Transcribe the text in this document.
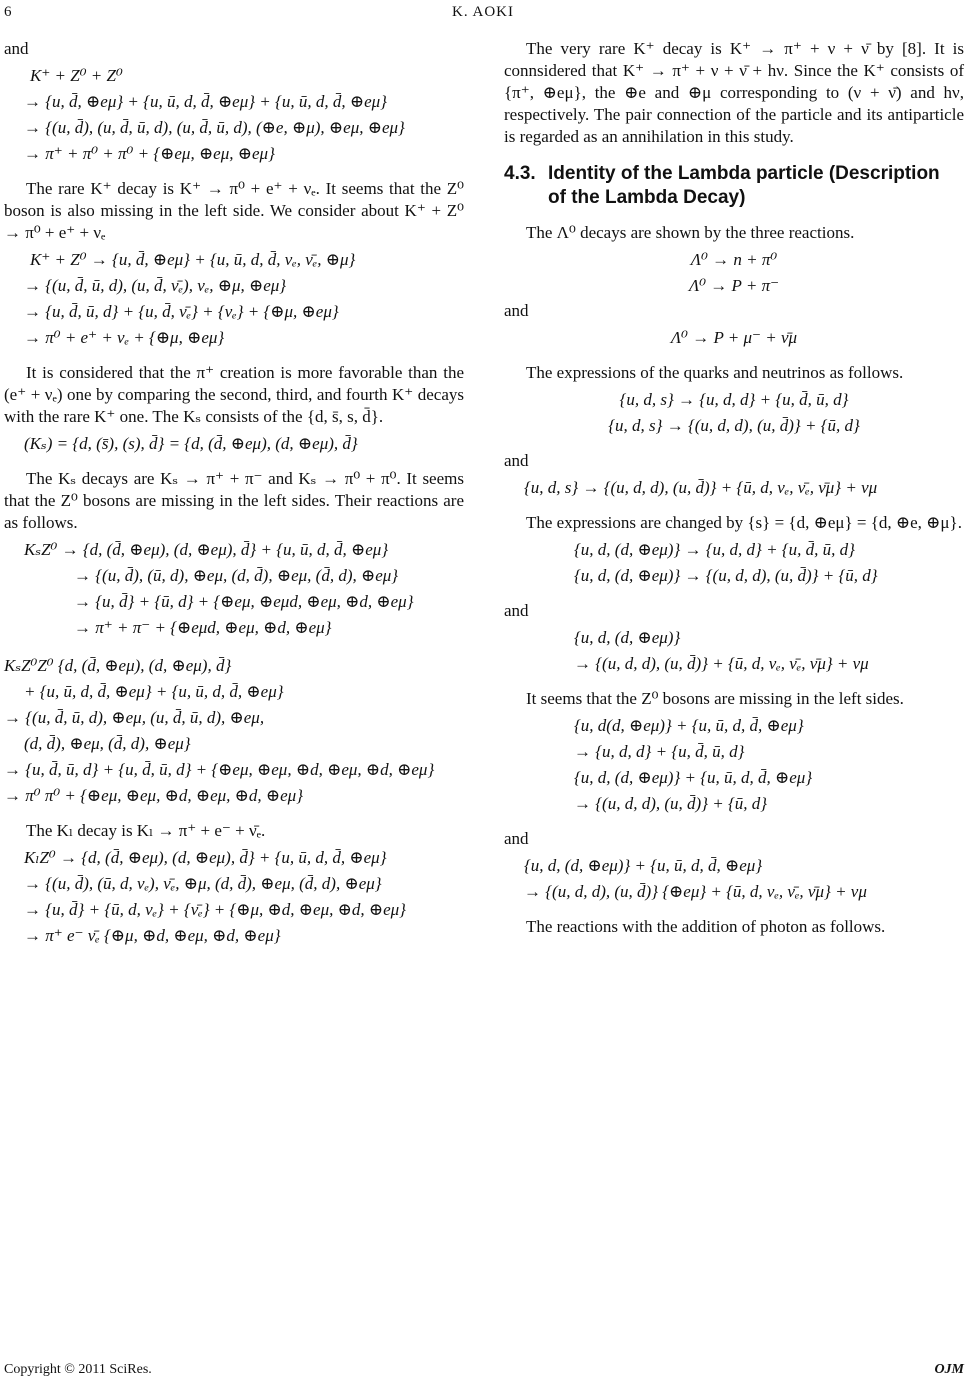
6	K. AOKI

and

K⁺ + Z⁰ + Z⁰
→ {u, d̄, ⊕eμ} + {u, ū, d, d̄, ⊕eμ} + {u, ū, d, d̄, ⊕eμ}
→ {(u, d̄), (u, d̄, ū, d), (u, d̄, ū, d), (⊕e, ⊕μ), ⊕eμ, ⊕eμ}
→ π⁺ + π⁰ + π⁰ + {⊕eμ, ⊕eμ, ⊕eμ}

The rare K⁺ decay is K⁺ → π⁰ + e⁺ + νₑ. It seems that the Z⁰ boson is also missing in the left side. We consider about K⁺ + Z⁰ → π⁰ + e⁺ + νₑ

K⁺ + Z⁰ → {u, d̄, ⊕eμ} + {u, ū, d, d̄, νₑ, ν̄ₑ, ⊕μ}
→ {(u, d̄, ū, d), (u, d̄, ν̄ₑ), νₑ, ⊕μ, ⊕eμ}
→ {u, d̄, ū, d} + {u, d̄, ν̄ₑ} + {νₑ} + {⊕μ, ⊕eμ}
→ π⁰ + e⁺ + νₑ + {⊕μ, ⊕eμ}

It is considered that the π⁺ creation is more favorable than the (e⁺ + νₑ) one by comparing the second, third, and fourth K⁺ decays with the rare K⁺ one. The Kₛ consists of the {d, s̄, s, d̄}.

(Kₛ) = {d, (s̄), (s), d̄} = {d, (d̄, ⊕eμ), (d, ⊕eμ), d̄}

The Kₛ decays are Kₛ → π⁺ + π⁻ and Kₛ → π⁰ + π⁰. It seems that the Z⁰ bosons are missing in the left sides. Their reactions are as follows.

KₛZ⁰ → {d, (d̄, ⊕eμ), (d, ⊕eμ), d̄} + {u, ū, d, d̄, ⊕eμ}
→ {(u, d̄), (ū, d), ⊕eμ, (d, d̄), ⊕eμ, (d̄, d), ⊕eμ}
→ {u, d̄} + {ū, d} + {⊕eμ, ⊕eμd, ⊕eμ, ⊕d, ⊕eμ}
→ π⁺ + π⁻ + {⊕eμd, ⊕eμ, ⊕d, ⊕eμ}
KₛZ⁰Z⁰ {d, (d̄, ⊕eμ), (d, ⊕eμ), d̄}
+ {u, ū, d, d̄, ⊕eμ} + {u, ū, d, d̄, ⊕eμ}
→ {(u, d̄, ū, d), ⊕eμ, (u, d̄, ū, d), ⊕eμ,
(d, d̄), ⊕eμ, (d̄, d), ⊕eμ}
→ {u, d̄, ū, d} + {u, d̄, ū, d} + {⊕eμ, ⊕eμ, ⊕d, ⊕eμ, ⊕d, ⊕eμ}
→ π⁰ π⁰ + {⊕eμ, ⊕eμ, ⊕d, ⊕eμ, ⊕d, ⊕eμ}

The Kₗ decay is Kₗ → π⁺ + e⁻ + ν̄ₑ.

KₗZ⁰ → {d, (d̄, ⊕eμ), (d, ⊕eμ), d̄} + {u, ū, d, d̄, ⊕eμ}
→ {(u, d̄), (ū, d, νₑ), ν̄ₑ, ⊕μ, (d, d̄), ⊕eμ, (d̄, d), ⊕eμ}
→ {u, d̄} + {ū, d, νₑ} + {ν̄ₑ} + {⊕μ, ⊕d, ⊕eμ, ⊕d, ⊕eμ}
→ π⁺ e⁻ ν̄ₑ {⊕μ, ⊕d, ⊕eμ, ⊕d, ⊕eμ}

The very rare K⁺ decay is K⁺ → π⁺ + ν + ν̄ by [8]. It is connsidered that K⁺ → π⁺ + ν + ν̄ + hν. Since the K⁺ consists of {π⁺, ⊕eμ}, the ⊕e and ⊕μ corresponding to (ν + ν̄) and hν, respectively. The pair connection of the particle and its antiparticle is regarded as an annihilation in this study.

4.3. Identity of the Lambda particle (Description
of the Lambda Decay)

The Λ⁰ decays are shown by the three reactions.

Λ⁰ → n + π⁰
Λ⁰ → P + π⁻

and

Λ⁰ → P + μ⁻ + ν̄μ

The expressions of the quarks and neutrinos as follows.

{u, d, s} → {u, d, d} + {u, d̄, ū, d}
{u, d, s} → {(u, d, d), (u, d̄)} + {ū, d}

and

{u, d, s} → {(u, d, d), (u, d̄)} + {ū, d, νₑ, ν̄ₑ, ν̄μ} + νμ

The expressions are changed by {s} = {d, ⊕eμ} = {d, ⊕e, ⊕μ}.

{u, d, (d, ⊕eμ)} → {u, d, d} + {u, d̄, ū, d}
{u, d, (d, ⊕eμ)} → {(u, d, d), (u, d̄)} + {ū, d}

and

{u, d, (d, ⊕eμ)}
→ {(u, d, d), (u, d̄)} + {ū, d, νₑ, ν̄ₑ, ν̄μ} + νμ

It seems that the Z⁰ bosons are missing in the left sides.

{u, d(d, ⊕eμ)} + {u, ū, d, d̄, ⊕eμ}
→ {u, d, d} + {u, d̄, ū, d}
{u, d, (d, ⊕eμ)} + {u, ū, d, d̄, ⊕eμ}
→ {(u, d, d), (u, d̄)} + {ū, d}

and

{u, d, (d, ⊕eμ)} + {u, ū, d, d̄, ⊕eμ}
→ {(u, d, d), (u, d̄)} {⊕eμ} + {ū, d, νₑ, ν̄ₑ, ν̄μ} + νμ

The reactions with the addition of photon as follows.

Copyright © 2011 SciRes.	OJM
